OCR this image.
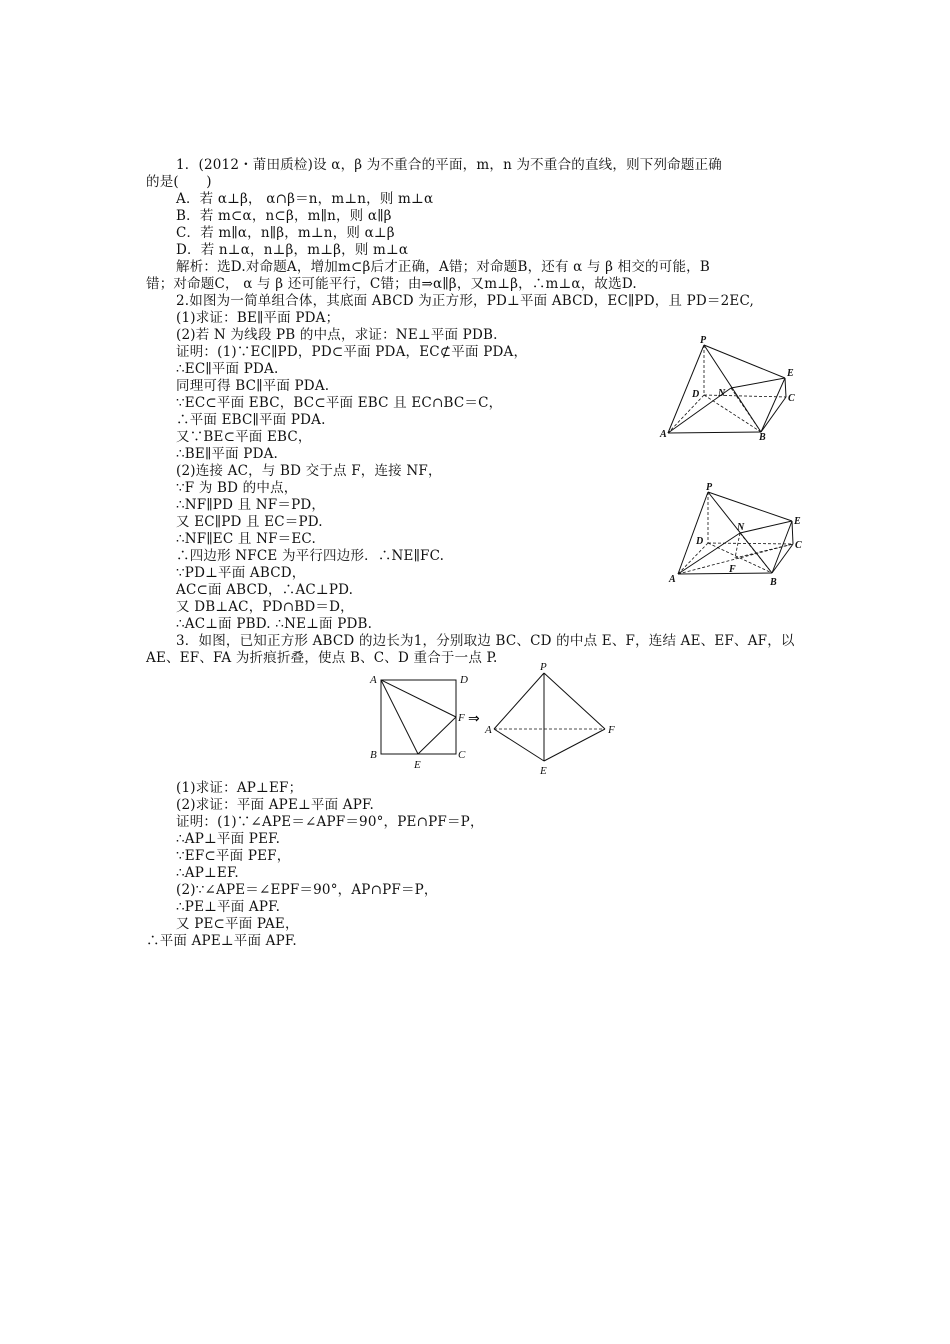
1．(2012・莆田质检)设 α，β 为不重合的平面，m，n 为不重合的直线，则下列命题正确
的是(　　)
A．若 α⊥β， α∩β＝n，m⊥n，则 m⊥α
B．若 m⊂α，n⊂β，m∥n，则 α∥β
C．若 m∥α，n∥β，m⊥n，则 α⊥β
D．若 n⊥α，n⊥β，m⊥β，则 m⊥α
解析：选D.对命题A，增加m⊂β后才正确，A错；对命题B，还有 α 与 β 相交的可能，B
错；对命题C， α 与 β 还可能平行，C错；由⇒α∥β，又m⊥β，∴m⊥α，故选D.
2.如图为一简单组合体，其底面 ABCD 为正方形，PD⊥平面 ABCD，EC∥PD，且 PD＝2EC,
(1)求证：BE∥平面 PDA；
(2)若 N 为线段 PB 的中点，求证：NE⊥平面 PDB.
证明：(1)∵EC∥PD，PD⊂平面 PDA，EC⊄平面 PDA，
∴EC∥平面 PDA.
同理可得 BC∥平面 PDA.
∵EC⊂平面 EBC，BC⊂平面 EBC 且 EC∩BC＝C，
∴平面 EBC∥平面 PDA.
又∵BE⊂平面 EBC，
∴BE∥平面 PDA.
(2)连接 AC，与 BD 交于点 F，连接 NF，
∵F 为 BD 的中点，
∴NF∥PD 且 NF＝PD，
又 EC∥PD 且 EC＝PD.
∴NF∥EC 且 NF＝EC.
∴四边形 NFCE 为平行四边形．∴NE∥FC.
∵PD⊥平面 ABCD，
AC⊂面 ABCD，∴AC⊥PD.
又 DB⊥AC，PD∩BD＝D，
∴AC⊥面 PBD. ∴NE⊥面 PDB.
P
E
N
D	C
A	B
P
E
N
D	C
F
A	B
3．如图，已知正方形 ABCD 的边长为1，分别取边 BC、CD 的中点 E、F，连结 AE、EF、AF，以
AE、EF、FA 为折痕折叠，使点 B、C、D 重合于一点 P.
A	D
F
B
E
C
⇒
P
A	F
E
(1)求证：AP⊥EF；
(2)求证：平面 APE⊥平面 APF.
证明：(1)∵∠APE＝∠APF＝90°，PE∩PF＝P，
∴AP⊥平面 PEF.
∵EF⊂平面 PEF，
∴AP⊥EF.
(2)∵∠APE＝∠EPF＝90°，AP∩PF＝P，
∴PE⊥平面 APF.
又 PE⊂平面 PAE，
∴平面 APE⊥平面 APF.
